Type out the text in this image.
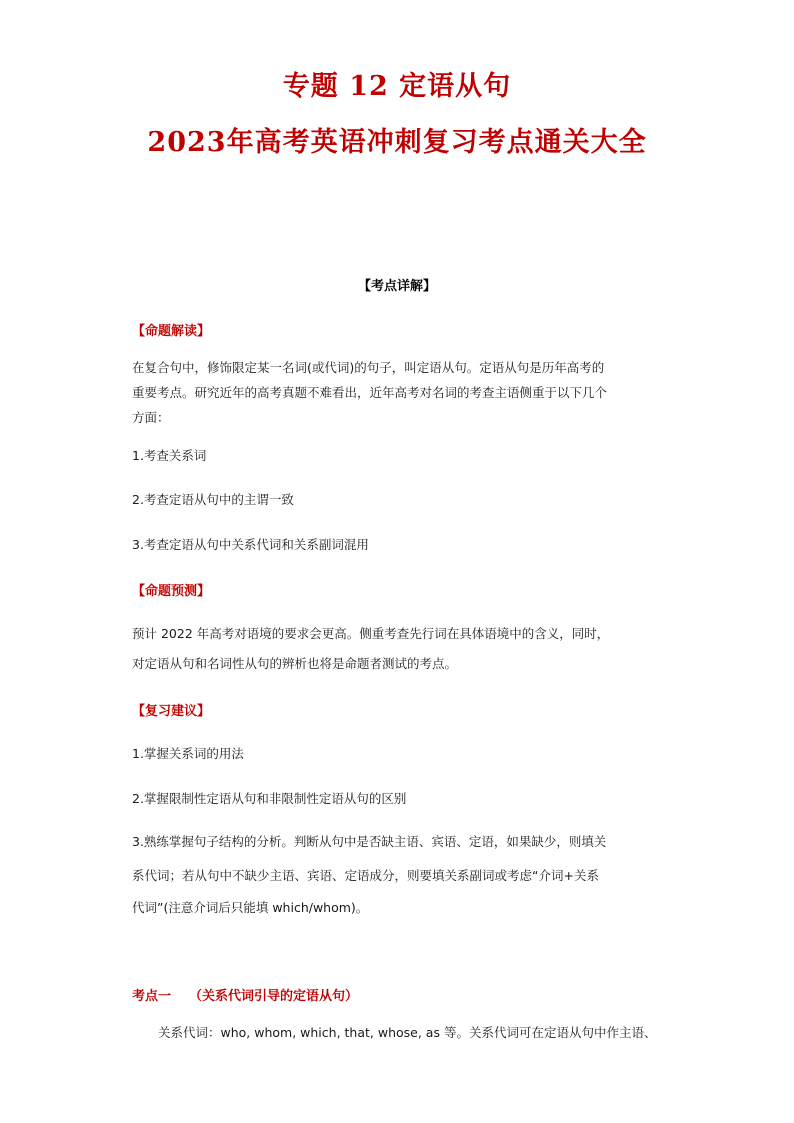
专题 12 定语从句
2023年高考英语冲刺复习考点通关大全
【考点详解】
【命题解读】
在复合句中，修饰限定某一名词(或代词)的句子，叫定语从句。定语从句是历年高考的
重要考点。研究近年的高考真题不难看出，近年高考对名词的考查主语侧重于以下几个
方面：
1.考查关系词
2.考查定语从句中的主谓一致
3.考查定语从句中关系代词和关系副词混用
【命题预测】
预计 2022 年高考对语境的要求会更高。侧重考查先行词在具体语境中的含义，同时，
对定语从句和名词性从句的辨析也将是命题者测试的考点。
【复习建议】
1.掌握关系词的用法
2.掌握限制性定语从句和非限制性定语从句的区别
3.熟练掌握句子结构的分析。判断从句中是否缺主语、宾语、定语，如果缺少，则填关
系代词；若从句中不缺少主语、宾语、定语成分，则要填关系副词或考虑“介词+关系
代词”(注意介词后只能填 which/whom)。
考点一 （关系代词引导的定语从句）
关系代词：who, whom, which, that, whose, as 等。关系代词可在定语从句中作主语、
